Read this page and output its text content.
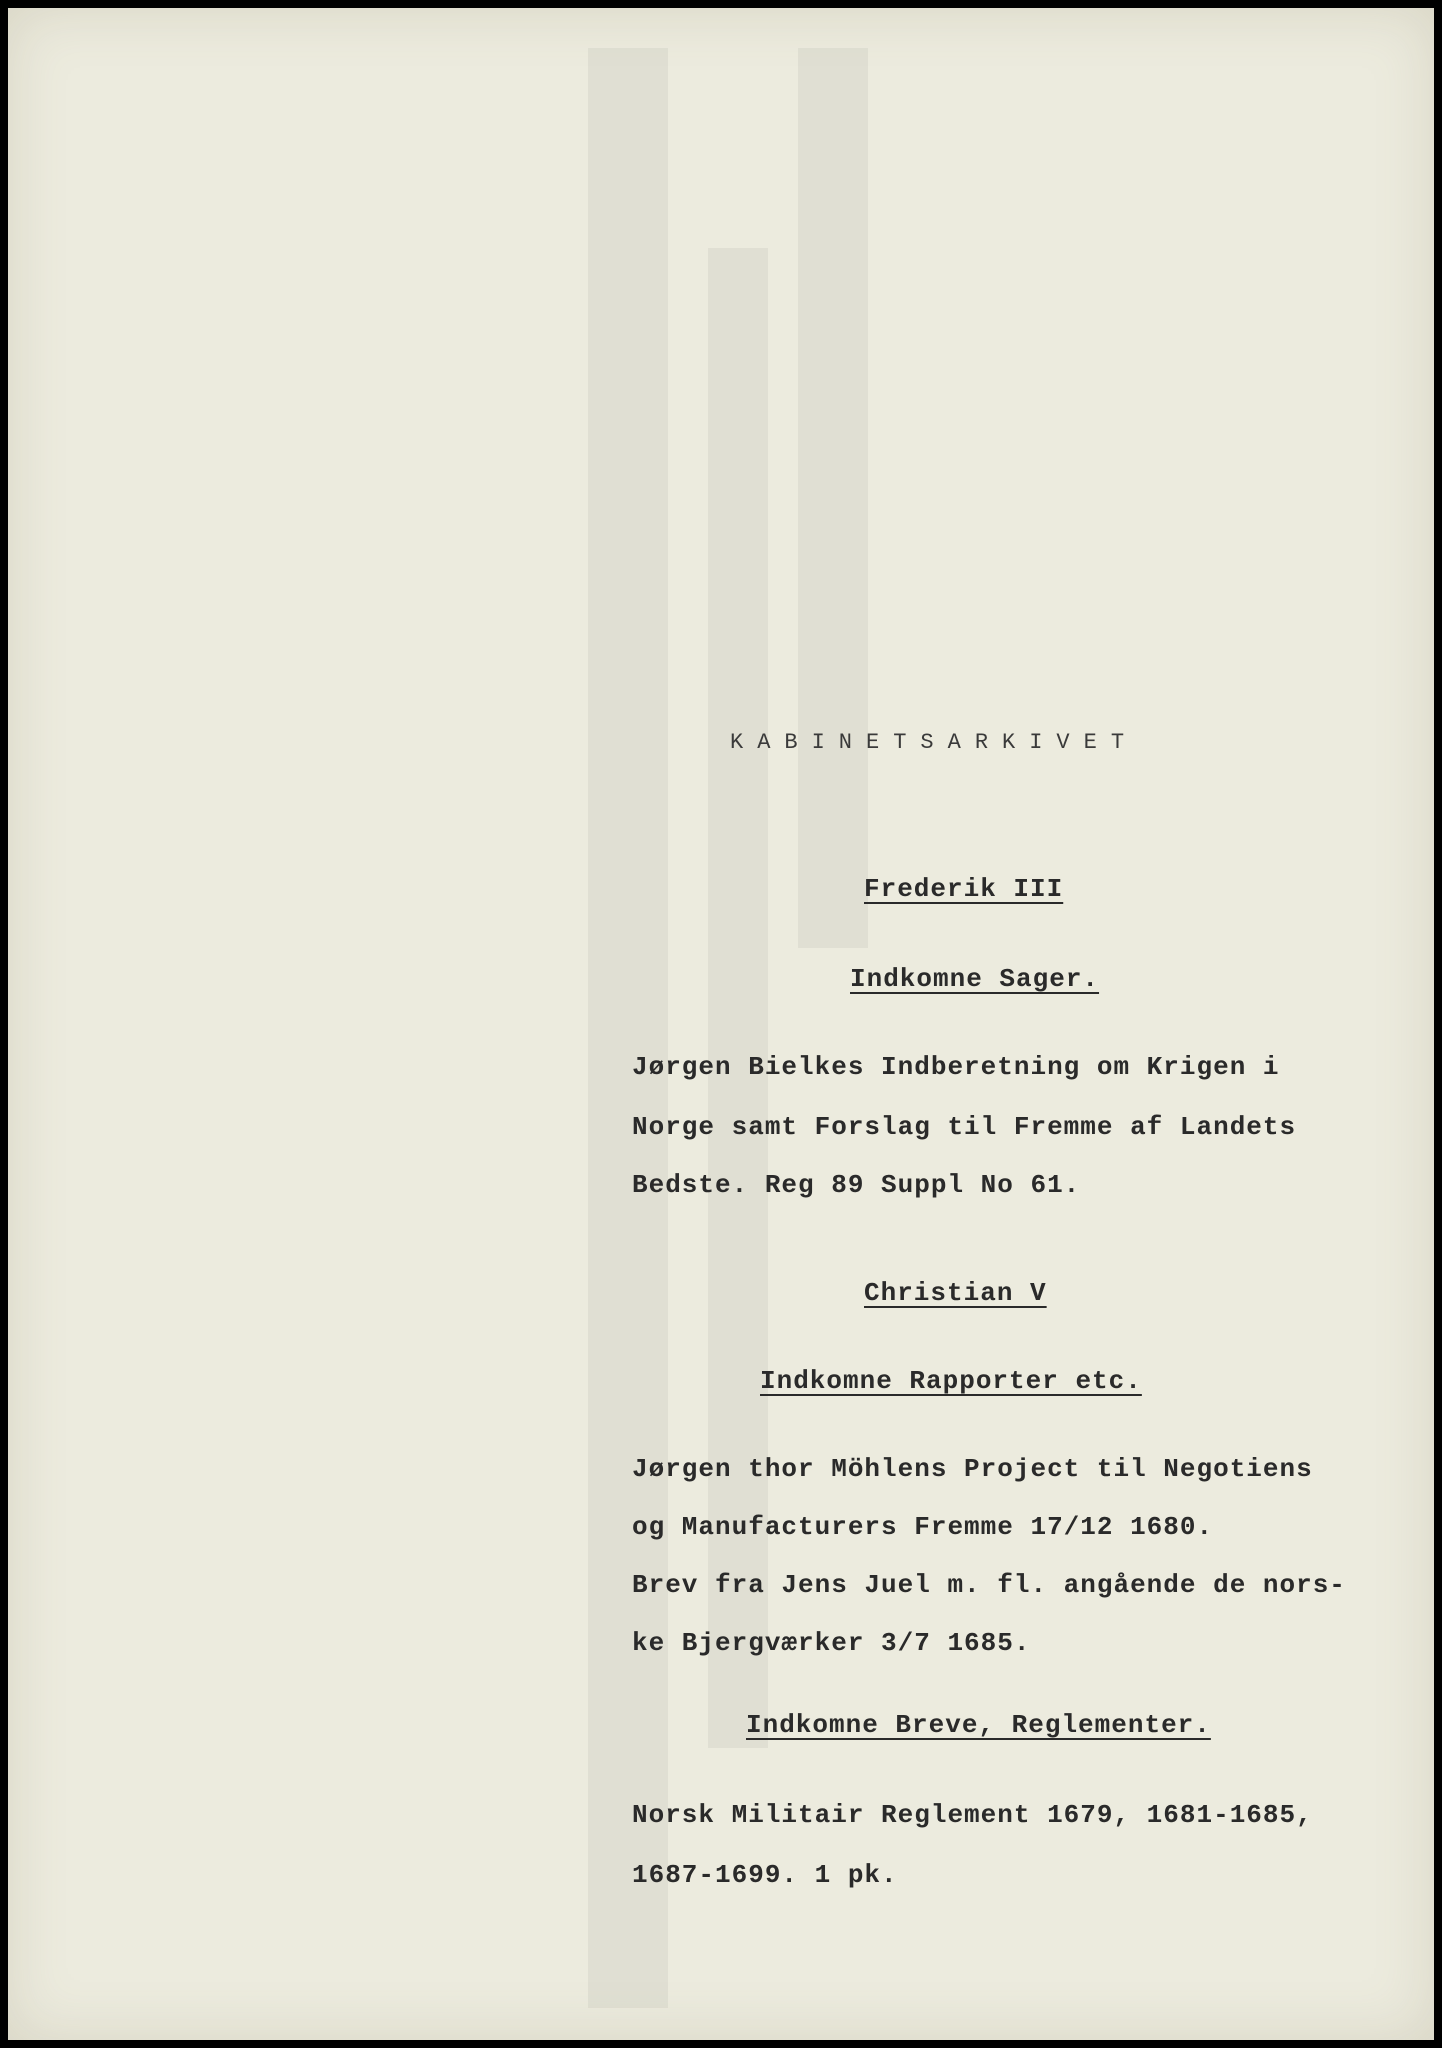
KABINETSARKIVET
Frederik III
Indkomne Sager.
Jørgen Bielkes Indberetning om Krigen i
Norge samt Forslag til Fremme af Landets
Bedste. Reg 89 Suppl No 61.
Christian V
Indkomne Rapporter etc.
Jørgen thor Möhlens Project til Negotiens
og Manufacturers Fremme 17/12 1680.
Brev fra Jens Juel m. fl. angående de nors-
ke Bjergværker 3/7 1685.
Indkomne Breve, Reglementer.
Norsk Militair Reglement 1679, 1681-1685,
1687-1699. 1 pk.
